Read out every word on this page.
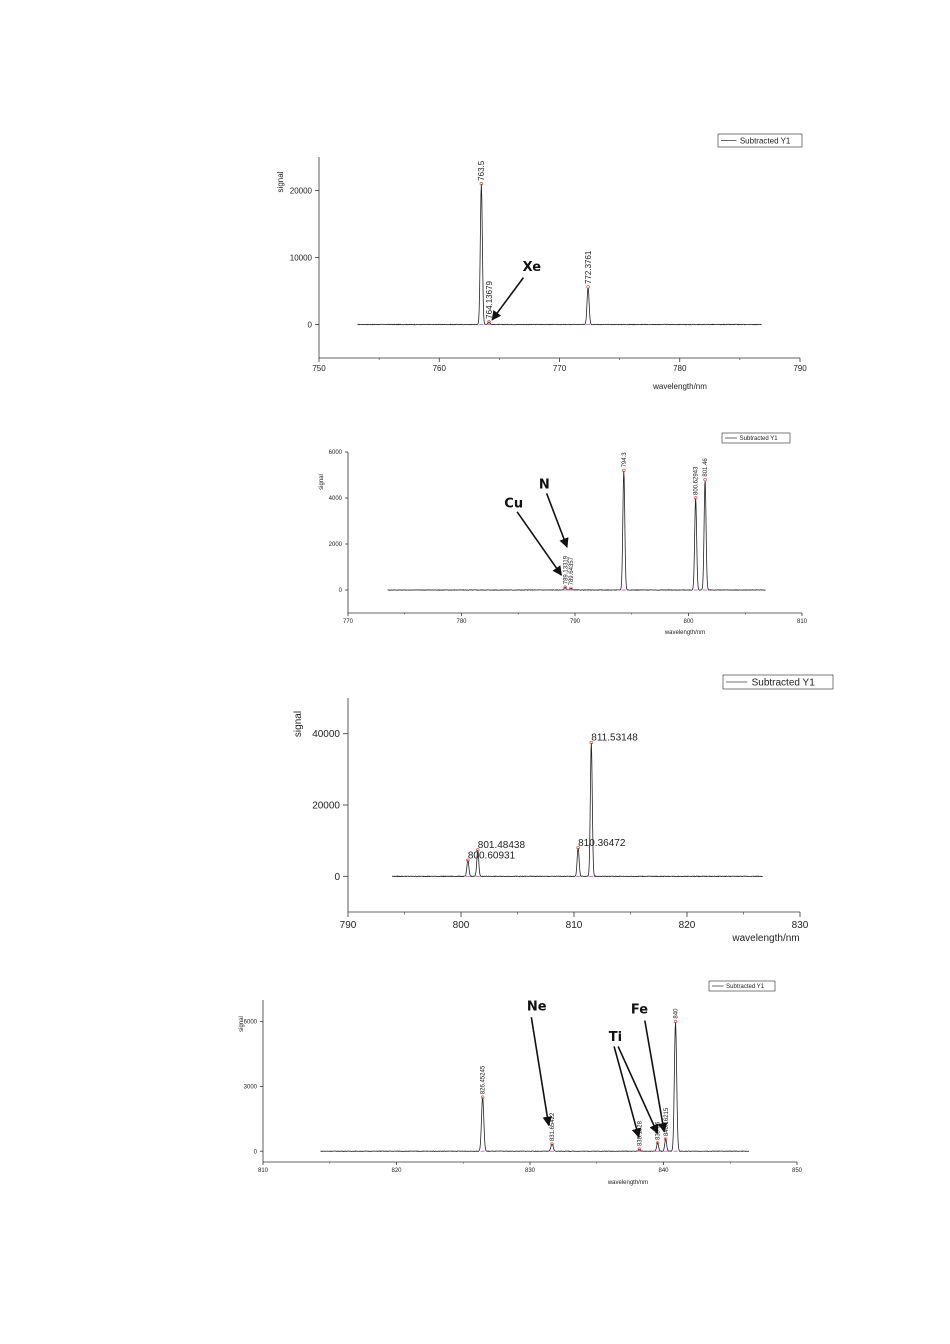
750	760	770	780	790
0
10000
20000
wavelength/nm
signal
Subtracted Y1
763.5
764.13679
772.3761
Xe
770	780	790	800	810
0
2000
4000
6000
wavelength/nm
signal
Subtracted Y1
789.13319 789.64357
794.3
800.62943 801.46
Cu
N
790	800	810	820	830
0
20000
40000
wavelength/nm
signal
Subtracted Y1
800.60931
801.48438	810.36472
811.53148
810	820	830	840	850
0
3000
6000
wavelength/nm
signal
Subtracted Y1
826.45245
831.65422	838.1928 839.56 840.16215
840
Ne	Fe
Ti
